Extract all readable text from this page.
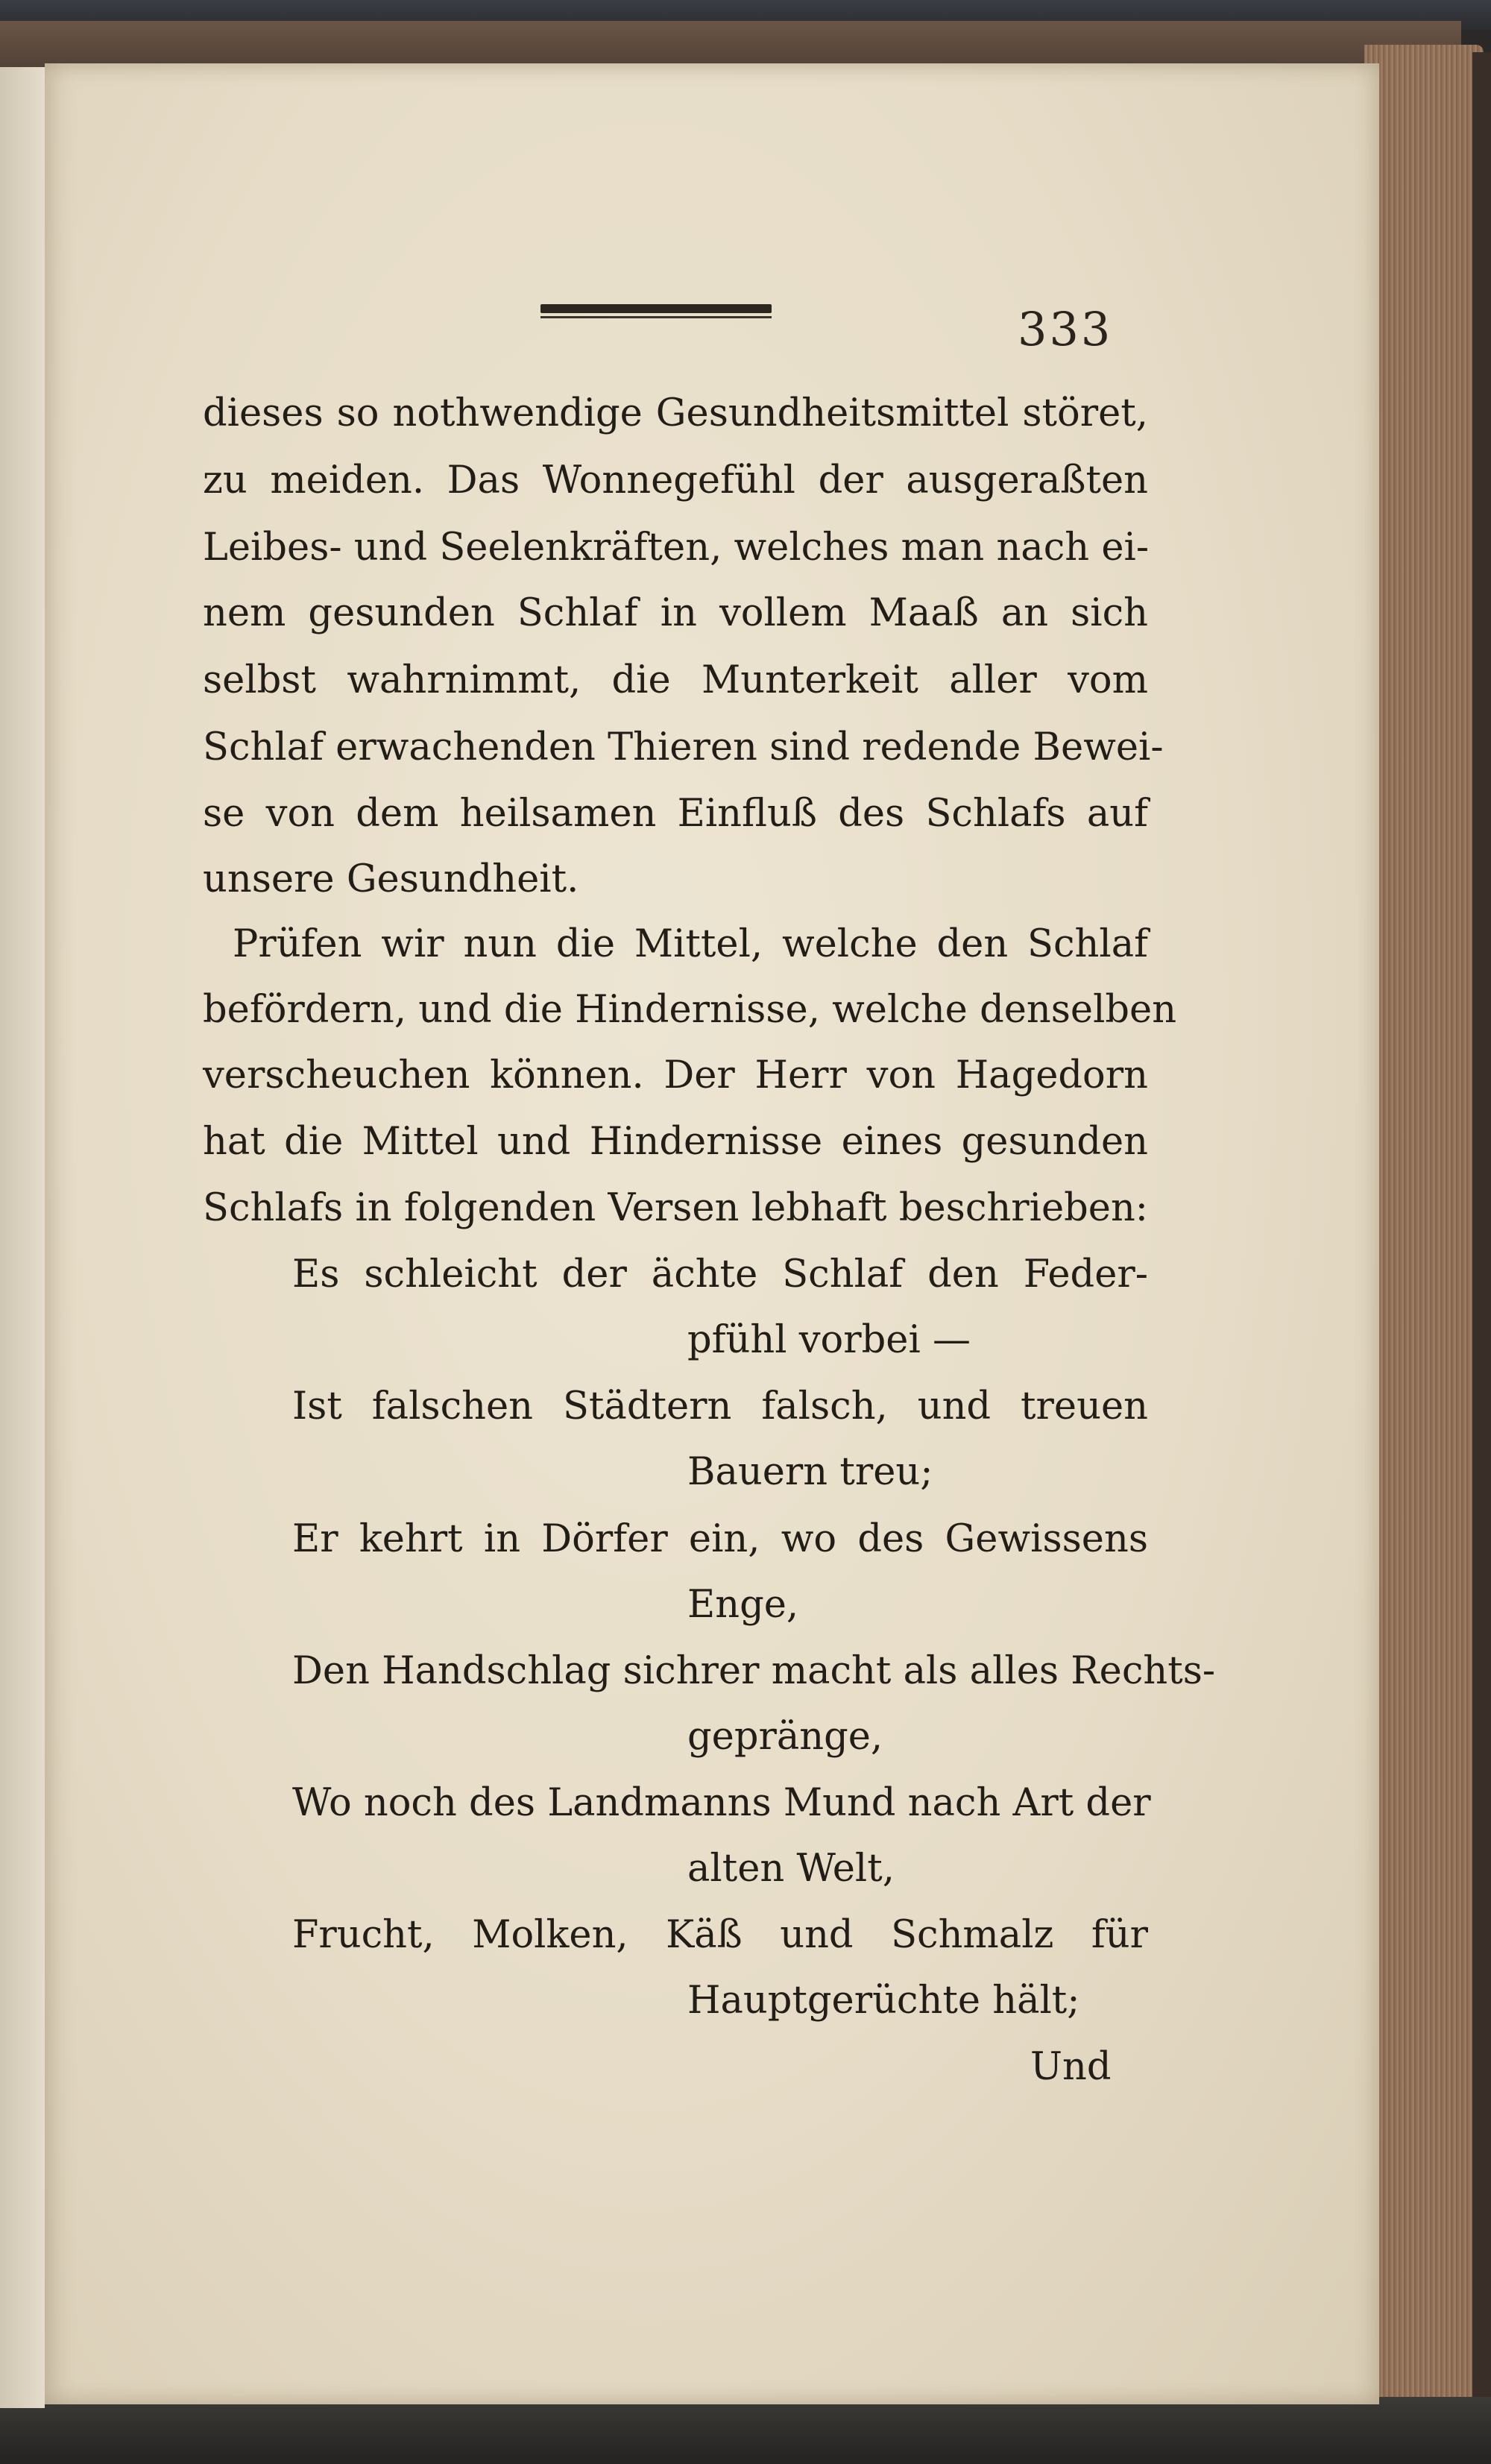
333
dieses so nothwendige Gesundheitsmittel störet,
zu meiden. Das Wonnegefühl der ausgeraßten
Leibes- und Seelenkräften, welches man nach ei-
nem gesunden Schlaf in vollem Maaß an sich
selbst wahrnimmt, die Munterkeit aller vom
Schlaf erwachenden Thieren sind redende Bewei-
se von dem heilsamen Einfluß des Schlafs auf
unsere Gesundheit.
Prüfen wir nun die Mittel, welche den Schlaf
befördern, und die Hindernisse, welche denselben
verscheuchen können. Der Herr von Hagedorn
hat die Mittel und Hindernisse eines gesunden
Schlafs in folgenden Versen lebhaft beschrieben:
Es schleicht der ächte Schlaf den Feder-
pfühl vorbei —
Ist falschen Städtern falsch, und treuen
Bauern treu;
Er kehrt in Dörfer ein, wo des Gewissens
Enge,
Den Handschlag sichrer macht als alles Rechts-
gepränge,
Wo noch des Landmanns Mund nach Art der
alten Welt,
Frucht, Molken, Käß und Schmalz für
Hauptgerüchte hält;
Und
